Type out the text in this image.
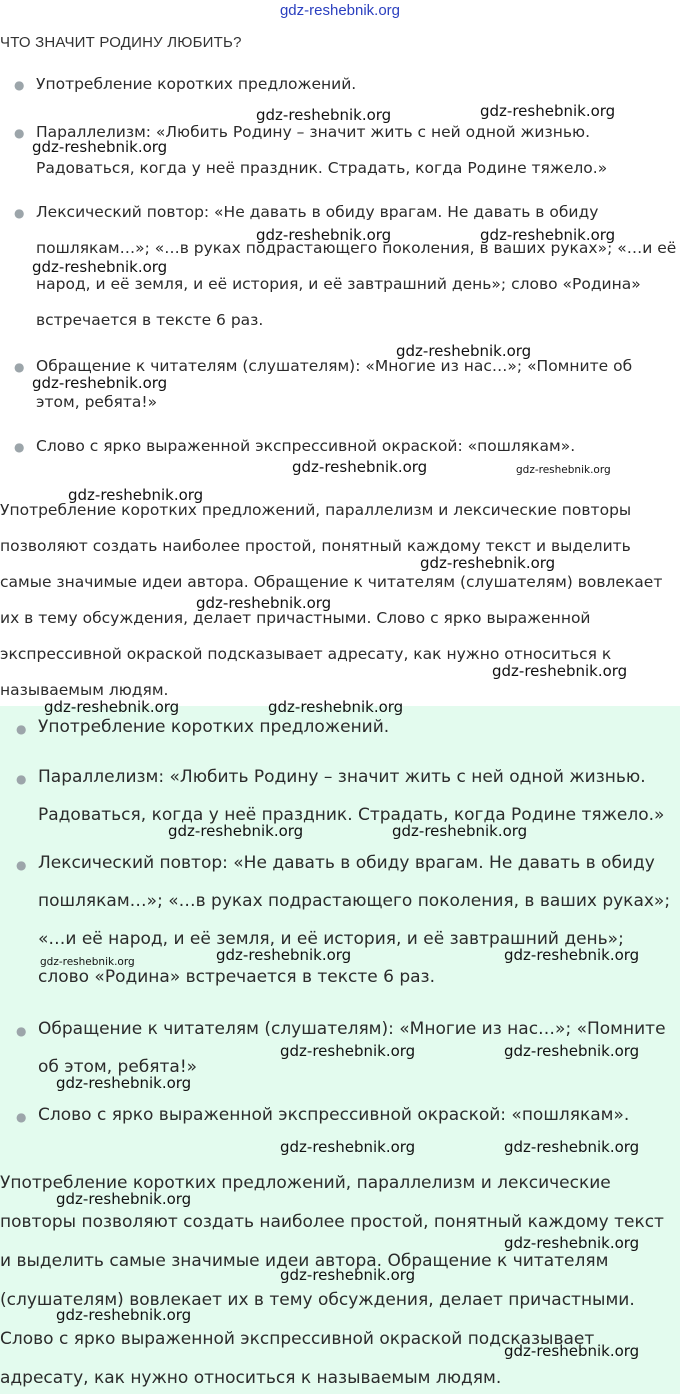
gdz-reshebnik.org
ЧТО ЗНАЧИТ РОДИНУ ЛЮБИТЬ?
● Употребление коротких предложений.
● Параллелизм: «Любить Родину – значит жить с ней одной жизнью. Радоваться, когда у неё праздник. Страдать, когда Родине тяжело.»
● Лексический повтор: «Не давать в обиду врагам. Не давать в обиду пошлякам…»; «…в руках подрастающего поколения, в ваших руках»; «…и её народ, и её земля, и её история, и её завтрашний день»; слово «Родина» встречается в тексте 6 раз.
● Обращение к читателям (слушателям): «Многие из нас…»; «Помните об этом, ребята!»
● Слово с ярко выраженной экспрессивной окраской: «пошлякам».

Употребление коротких предложений, параллелизм и лексические повторы позволяют создать наиболее простой, понятный каждому текст и выделить самые значимые идеи автора. Обращение к читателям (слушателям) вовлекает их в тему обсуждения, делает причастными. Слово с ярко выраженной экспрессивной окраской подсказывает адресату, как нужно относиться к называемым людям.

● Употребление коротких предложений.
● Параллелизм: «Любить Родину – значит жить с ней одной жизнью. Радоваться, когда у неё праздник. Страдать, когда Родине тяжело.»
● Лексический повтор: «Не давать в обиду врагам. Не давать в обиду пошлякам…»; «…в руках подрастающего поколения, в ваших руках»; «…и её народ, и её земля, и её история, и её завтрашний день»; слово «Родина» встречается в тексте 6 раз.
● Обращение к читателям (слушателям): «Многие из нас…»; «Помните об этом, ребята!»
● Слово с ярко выраженной экспрессивной окраской: «пошлякам».

Употребление коротких предложений, параллелизм и лексические повторы позволяют создать наиболее простой, понятный каждому текст и выделить самые значимые идеи автора. Обращение к читателям (слушателям) вовлекает их в тему обсуждения, делает причастными. Слово с ярко выраженной экспрессивной окраской подсказывает адресату, как нужно относиться к называемым людям.

gdz-reshebnik.org	gdz-reshebnik.org
gdz-reshebnik.org
gdz-reshebnik.org	gdz-reshebnik.org
gdz-reshebnik.org
gdz-reshebnik.org
gdz-reshebnik.org
gdz-reshebnik.org	gdz-reshebnik.org
gdz-reshebnik.org
gdz-reshebnik.org
gdz-reshebnik.org
gdz-reshebnik.org
gdz-reshebnik.org	gdz-reshebnik.org
gdz-reshebnik.org	gdz-reshebnik.org
gdz-reshebnik.org	gdz-reshebnik.org
gdz-reshebnik.org
gdz-reshebnik.org	gdz-reshebnik.org
gdz-reshebnik.org
gdz-reshebnik.org	gdz-reshebnik.org
gdz-reshebnik.org
gdz-reshebnik.org
gdz-reshebnik.org
gdz-reshebnik.org
gdz-reshebnik.org
